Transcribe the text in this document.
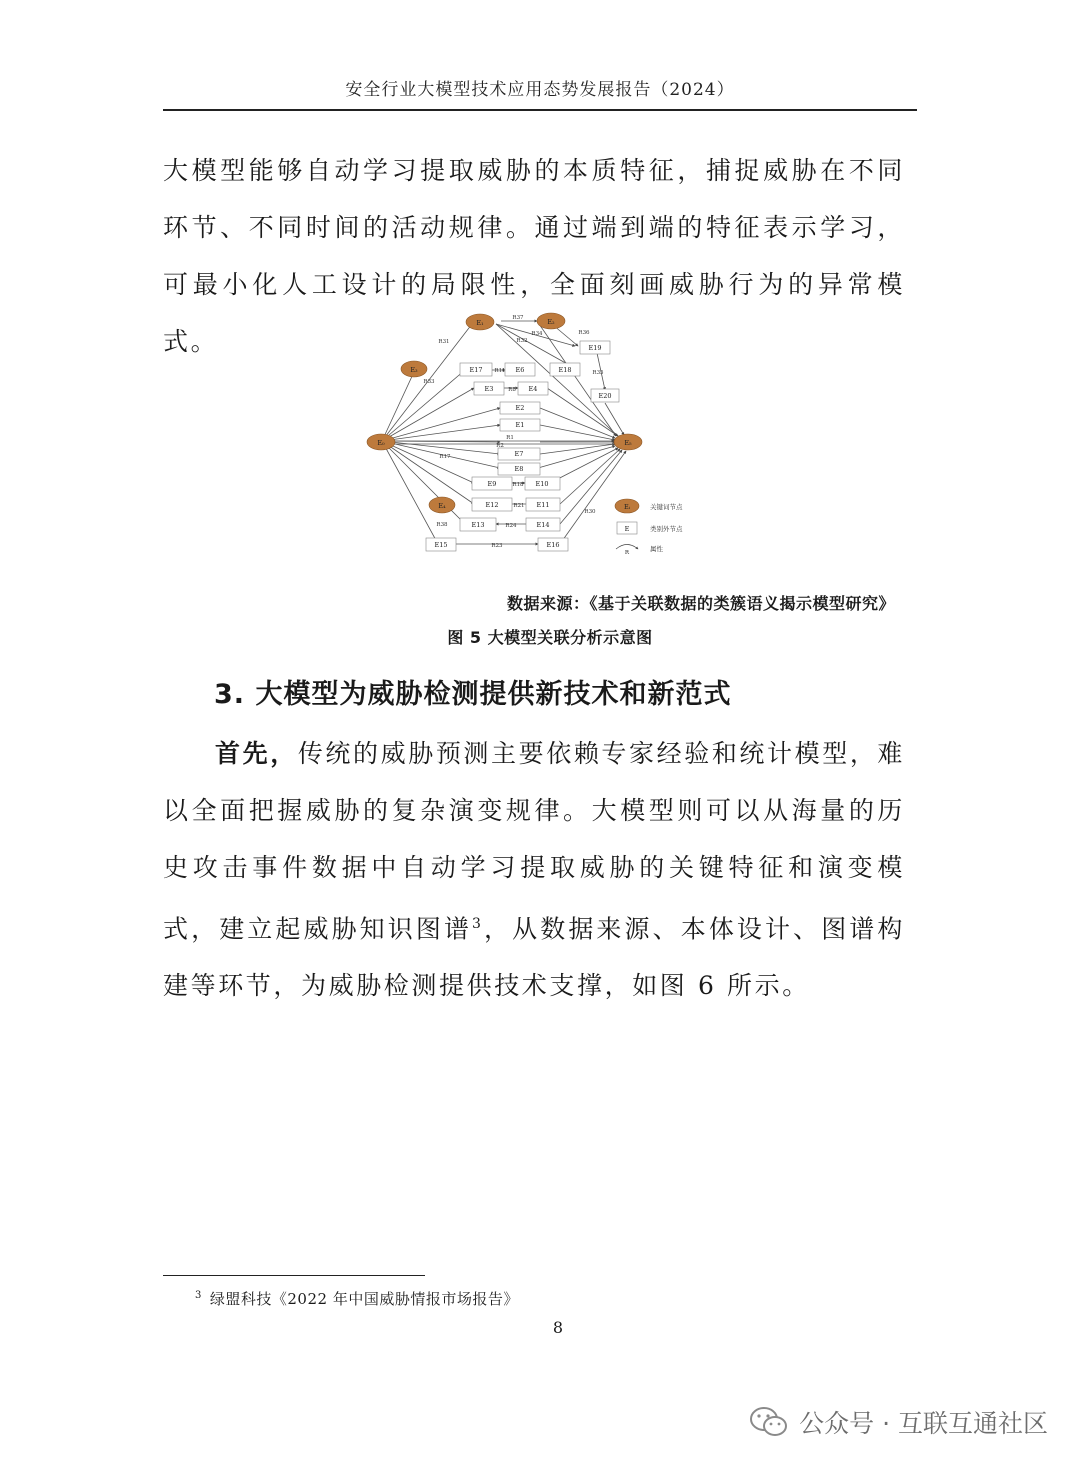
安全行业大模型技术应用态势发展报告（2024）

大模型能够自动学习提取威胁的本质特征，捕捉威胁在不同环节、不同时间的活动规律。通过端到端的特征表示学习，可最小化人工设计的局限性，全面刻画威胁行为的异常模式。

E₁	E₂
E₃
E₀	E₅
E₄
E17	E6	E18
E19
E20
E3	E4
E2
E1
E7
E8
E9	E10
E12	E11
E13	E14
E15	E16
R37
R34
R32
R31
R36
R35
R33
R11
R8
R2
R1
R17
R18
R21
R24
R23
R38
R30
Eᵢ	关键词节点
E	类别外节点
R	属性
数据来源：《基于关联数据的类簇语义揭示模型研究》
图 5 大模型关联分析示意图
3. 大模型为威胁检测提供新技术和新范式

首先，传统的威胁预测主要依赖专家经验和统计模型，难以全面把握威胁的复杂演变规律。大模型则可以从海量的历史攻击事件数据中自动学习提取威胁的关键特征和演变模式，建立起威胁知识图谱$^3$，从数据来源、本体设计、图谱构建等环节，为威胁检测提供技术支撑，如图 6 所示。

$^3$ 绿盟科技《2022 年中国威胁情报市场报告》
8
公众号 · 互联互通社区
